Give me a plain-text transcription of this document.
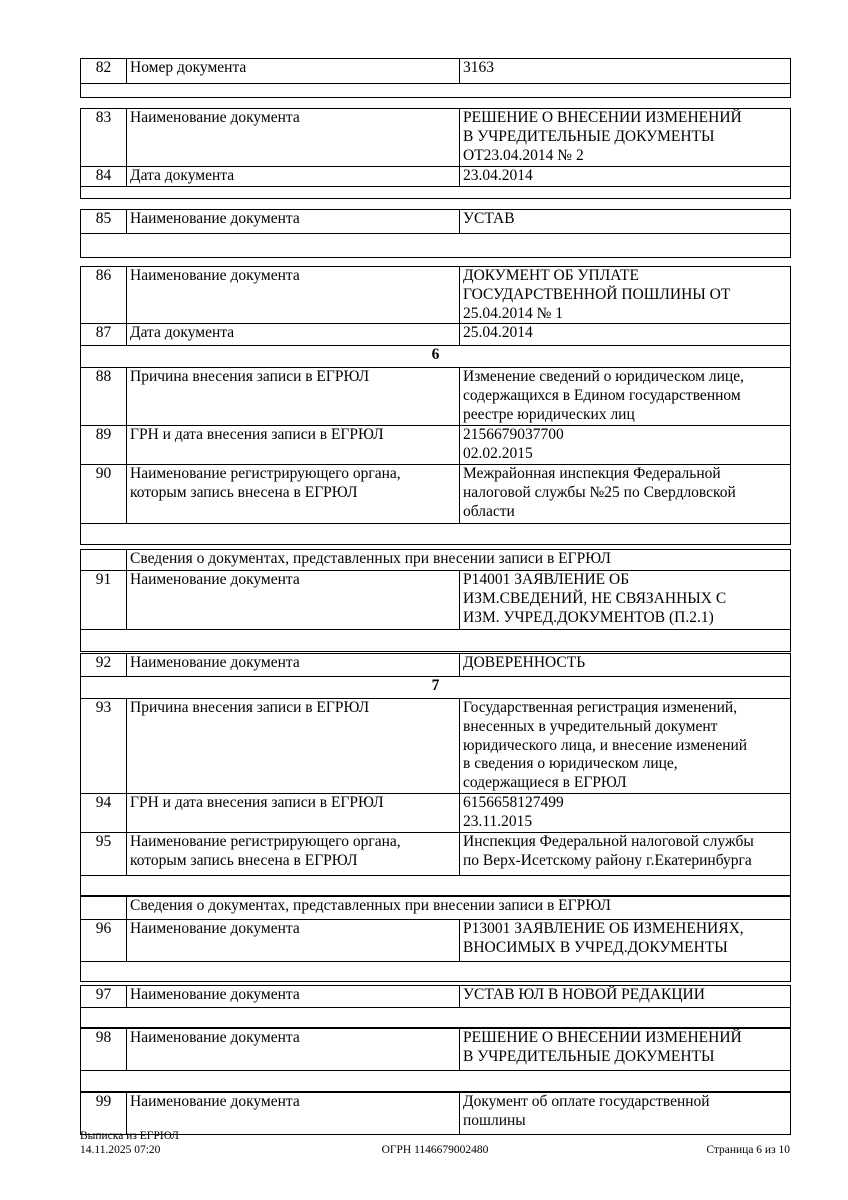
82	Номер документа	3163

83	Наименование документа	РЕШЕНИЕ О ВНЕСЕНИИ ИЗМЕНЕНИЙ
В УЧРЕДИТЕЛЬНЫЕ ДОКУМЕНТЫ
ОТ23.04.2014 № 2
84	Дата документа	23.04.2014

85	Наименование документа	УСТАВ

86	Наименование документа	ДОКУМЕНТ ОБ УПЛАТЕ
ГОСУДАРСТВЕННОЙ ПОШЛИНЫ ОТ
25.04.2014 № 1
87	Дата документа	25.04.2014
6		
88	Причина внесения записи в ЕГРЮЛ	Изменение сведений о юридическом лице,
содержащихся в Едином государственном
реестре юридических лиц
89	ГРН и дата внесения записи в ЕГРЮЛ	2156679037700
02.02.2015
90	Наименование регистрирующего органа,
которым запись внесена в ЕГРЮЛ	Межрайонная инспекция Федеральной
налоговой службы №25 по Свердловской
области

	Сведения о документах, представленных при внесении записи в ЕГРЮЛ	
91	Наименование документа	Р14001 ЗАЯВЛЕНИЕ ОБ
ИЗМ.СВЕДЕНИЙ, НЕ СВЯЗАННЫХ С
ИЗМ. УЧРЕД.ДОКУМЕНТОВ (П.2.1)

92	Наименование документа	ДОВЕРЕННОСТЬ
7		
93	Причина внесения записи в ЕГРЮЛ	Государственная регистрация изменений,
внесенных в учредительный документ
юридического лица, и внесение изменений
в сведения о юридическом лице,
содержащиеся в ЕГРЮЛ
94	ГРН и дата внесения записи в ЕГРЮЛ	6156658127499
23.11.2015
95	Наименование регистрирующего органа,
которым запись внесена в ЕГРЮЛ	Инспекция Федеральной налоговой службы
по Верх-Исетскому району г.Екатеринбурга

	Сведения о документах, представленных при внесении записи в ЕГРЮЛ	
96	Наименование документа	Р13001 ЗАЯВЛЕНИЕ ОБ ИЗМЕНЕНИЯХ,
ВНОСИМЫХ В УЧРЕД.ДОКУМЕНТЫ

97	Наименование документа	УСТАВ ЮЛ В НОВОЙ РЕДАКЦИИ

98	Наименование документа	РЕШЕНИЕ О ВНЕСЕНИИ ИЗМЕНЕНИЙ
В УЧРЕДИТЕЛЬНЫЕ ДОКУМЕНТЫ

99	Наименование документа	Документ об оплате государственной
пошлины
Выписка из ЕГРЮЛ
14.11.2025 07:20	ОГРН 1146679002480	Страница 6 из 10
